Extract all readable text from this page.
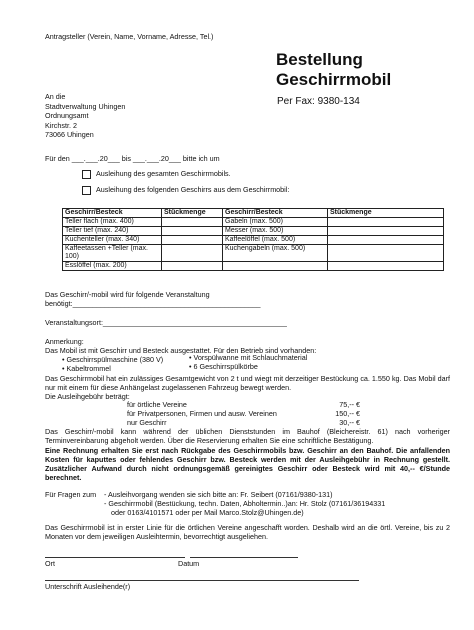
Antragsteller (Verein, Name, Vorname, Adresse, Tel.)
Bestellung
Geschirrmobil
Per Fax: 9380-134
An die
Stadtverwaltung Uhingen
Ordnungsamt
Kirchstr. 2
73066 Uhingen
Für den ___.___.20___ bis ___.___.20___ bitte ich um
Ausleihung des gesamten Geschirrmobils.
Ausleihung des folgenden Geschirrs aus dem Geschirrmobil:
Geschirr/Besteck	Stückmenge	Geschirr/Besteck	Stückmenge
Teller flach (max. 400)		Gabeln (max. 500)	
Teller tief (max. 240)		Messer (max. 500)	
Kuchenteller (max. 340)		Kaffeelöffel (max. 500)	
Kaffeetassen +Teller (max. 100)		Kuchengabeln (max. 500)	
Esslöffel (max. 200)			
Das Geschirr/-mobil wird für folgende Veranstaltung
benötigt:_______________________________________________
Veranstaltungsort:______________________________________________
Anmerkung:
Das Mobil ist mit Geschirr und Besteck ausgestattet. Für den Betrieb sind vorhanden:
• Geschirrspülmaschine (380 V)
• Kabeltrommel
• Vorspülwanne mit Schlauchmaterial
• 6 Geschirrspülkörbe
Das Geschirrmobil hat ein zulässiges Gesamtgewicht von 2 t und wiegt mit derzeitiger Bestückung ca. 1.550 kg. Das Mobil darf nur mit einem für diese Anhängelast zugelassenen Fahrzeug bewegt werden.
Die Ausleihgebühr beträgt:
für örtliche Vereine	75,-- €
für Privatpersonen, Firmen und ausw. Vereinen	150,-- €
nur Geschirr	30,-- €
Das Geschirr/-mobil kann während der üblichen Dienststunden im Bauhof (Bleichereistr. 61) nach vorheriger Terminvereinbarung abgeholt werden. Über die Reservierung erhalten Sie eine schriftliche Bestätigung.
Eine Rechnung erhalten Sie erst nach Rückgabe des Geschirrmobils bzw. Geschirr an den Bauhof. Die anfallenden Kosten für kaputtes oder fehlendes Geschirr bzw. Besteck werden mit der Ausleihgebühr in Rechnung gestellt. Zusätzlicher Aufwand durch nicht ordnungsgemäß gereinigtes Geschirr oder Besteck wird mit 40,-- €/Stunde berechnet.
Für Fragen zum - Ausleihvorgang wenden sie sich bitte an: Fr. Seibert (07161/9380-131)
- Geschirrmobil (Bestückung, techn. Daten, Abholtermin..)an: Hr. Stolz (07161/36194331
oder 0163/4101571 oder per Mail Marco.Stolz@Uhingen.de)
Das Geschirrmobil ist in erster Linie für die örtlichen Vereine angeschafft worden. Deshalb wird an die örtl. Vereine, bis zu 2 Monaten vor dem jeweiligen Ausleihtermin, bevorrechtigt ausgeliehen.
Ort	Datum
Unterschrift Ausleihende(r)
